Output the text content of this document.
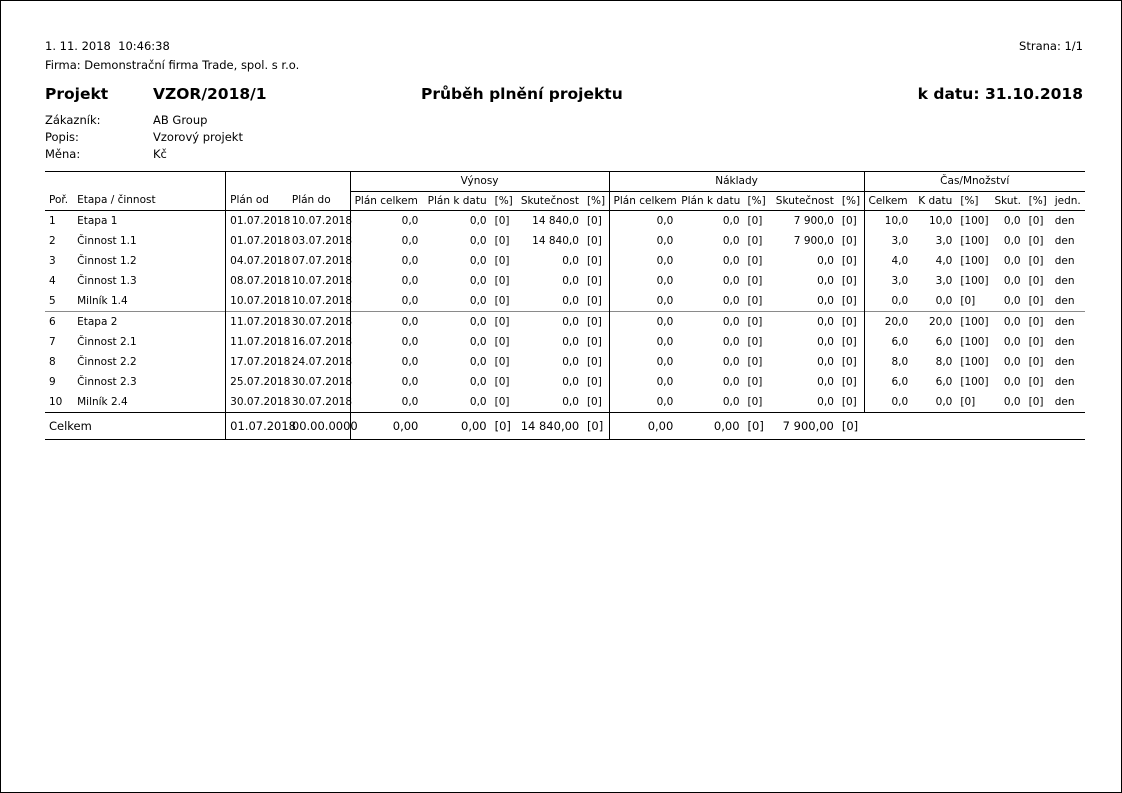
1. 11. 2018  10:46:38	Strana: 1/1
Firma: Demonstrační firma Trade, spol. s r.o.
Projekt	VZOR/2018/1	Průběh plnění projektu	k datu: 31.10.2018
Zákazník:	AB Group
Popis:	Vzorový projekt
Měna:	Kč
Poř.	Etapa / činnost	Plán od	Plán do	Výnosy					Náklady					Čas/Množství					
				Plán celkem	Plán k datu	[%]	Skutečnost	[%]	Plán celkem	Plán k datu	[%]	Skutečnost	[%]	Celkem	K datu	[%]	Skut.	[%]	jedn.
1	Etapa 1	01.07.2018	10.07.2018	0,0	0,0	[0]	14 840,0	[0]	0,0	0,0	[0]	7 900,0	[0]	10,0	10,0	[100]	0,0	[0]	den
2	Činnost 1.1	01.07.2018	03.07.2018	0,0	0,0	[0]	14 840,0	[0]	0,0	0,0	[0]	7 900,0	[0]	3,0	3,0	[100]	0,0	[0]	den
3	Činnost 1.2	04.07.2018	07.07.2018	0,0	0,0	[0]	0,0	[0]	0,0	0,0	[0]	0,0	[0]	4,0	4,0	[100]	0,0	[0]	den
4	Činnost 1.3	08.07.2018	10.07.2018	0,0	0,0	[0]	0,0	[0]	0,0	0,0	[0]	0,0	[0]	3,0	3,0	[100]	0,0	[0]	den
5	Milník 1.4	10.07.2018	10.07.2018	0,0	0,0	[0]	0,0	[0]	0,0	0,0	[0]	0,0	[0]	0,0	0,0	[0]	0,0	[0]	den
6	Etapa 2	11.07.2018	30.07.2018	0,0	0,0	[0]	0,0	[0]	0,0	0,0	[0]	0,0	[0]	20,0	20,0	[100]	0,0	[0]	den
7	Činnost 2.1	11.07.2018	16.07.2018	0,0	0,0	[0]	0,0	[0]	0,0	0,0	[0]	0,0	[0]	6,0	6,0	[100]	0,0	[0]	den
8	Činnost 2.2	17.07.2018	24.07.2018	0,0	0,0	[0]	0,0	[0]	0,0	0,0	[0]	0,0	[0]	8,0	8,0	[100]	0,0	[0]	den
9	Činnost 2.3	25.07.2018	30.07.2018	0,0	0,0	[0]	0,0	[0]	0,0	0,0	[0]	0,0	[0]	6,0	6,0	[100]	0,0	[0]	den
10	Milník 2.4	30.07.2018	30.07.2018	0,0	0,0	[0]	0,0	[0]	0,0	0,0	[0]	0,0	[0]	0,0	0,0	[0]	0,0	[0]	den
Celkem		01.07.2018	00.00.0000	0,00	0,00	[0]	14 840,00	[0]	0,00	0,00	[0]	7 900,00	[0]						
